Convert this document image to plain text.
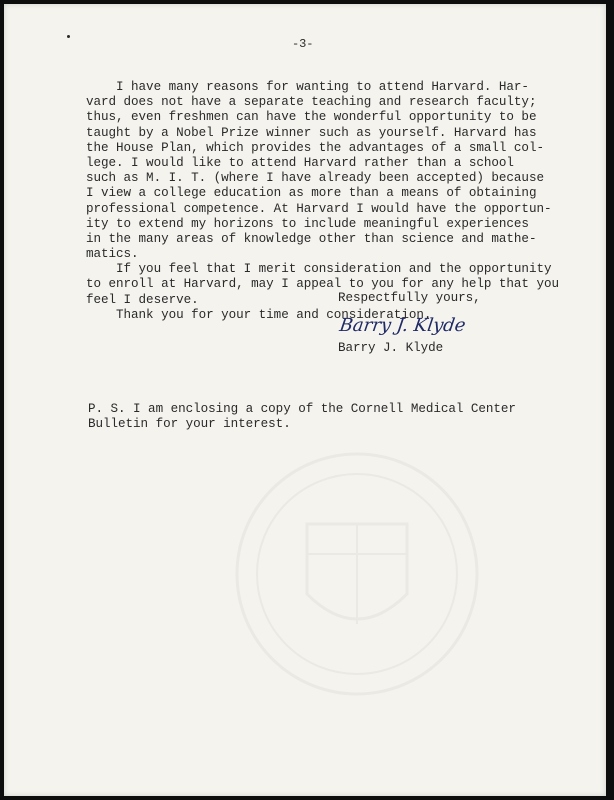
-3-
I have many reasons for wanting to attend Harvard. Har-
vard does not have a separate teaching and research faculty;
thus, even freshmen can have the wonderful opportunity to be
taught by a Nobel Prize winner such as yourself. Harvard has
the House Plan, which provides the advantages of a small col-
lege. I would like to attend Harvard rather than a school
such as M. I. T. (where I have already been accepted) because
I view a college education as more than a means of obtaining
professional competence. At Harvard I would have the opportun-
ity to extend my horizons to include meaningful experiences
in the many areas of knowledge other than science and mathe-
matics.
If you feel that I merit consideration and the opportunity
to enroll at Harvard, may I appeal to you for any help that you
feel I deserve.
Thank you for your time and consideration.
Respectfully yours,
Barry J. Klyde
Barry J. Klyde
P. S. I am enclosing a copy of the Cornell Medical Center
Bulletin for your interest.
